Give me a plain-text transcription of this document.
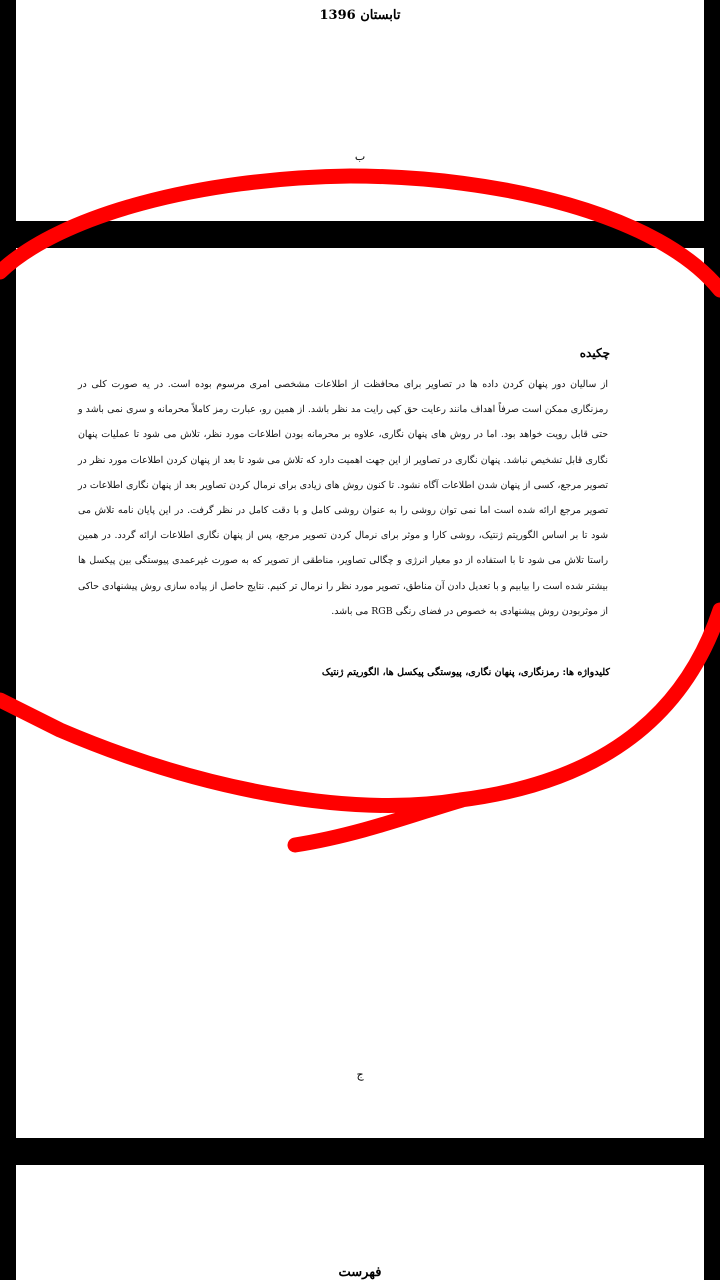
تابستان 1396
ب
چکیده
از سالیان دور پنهان کردن داده ها در تصاویر برای محافظت از اطلاعات مشخصی امری مرسوم بوده است. در یه صورت کلی در رمزنگاری ممکن است صرفاً اهداف مانند رعایت حق کپی رایت مد نظر باشد. از همین رو، عبارت رمز کاملاً محرمانه و سری نمی باشد و حتی قابل رویت خواهد بود. اما در روش های پنهان نگاری، علاوه بر محرمانه بودن اطلاعات مورد نظر، تلاش می شود تا عملیات پنهان نگاری قابل تشخیص نباشد. پنهان نگاری در تصاویر از این جهت اهمیت دارد که تلاش می شود تا بعد از پنهان کردن اطلاعات مورد نظر در تصویر مرجع، کسی از پنهان شدن اطلاعات آگاه نشود. تا کنون روش های زیادی برای نرمال کردن تصاویر بعد از پنهان نگاری اطلاعات در تصویر مرجع ارائه شده است اما نمی توان روشی را به عنوان روشی کامل و با دقت کامل در نظر گرفت. در این پایان نامه تلاش می شود تا بر اساس الگوریتم ژنتیک، روشی کارا و موثر برای نرمال کردن تصویر مرجع، پس از پنهان نگاری اطلاعات ارائه گردد. در همین راستا تلاش می شود تا با استفاده از دو معیار انرژی و چگالی تصاویر، مناطقی از تصویر که به صورت غیرعمدی پیوستگی بین پیکسل ها بیشتر شده است را بیابیم و با تعدیل دادن آن مناطق، تصویر مورد نظر را نرمال تر کنیم. نتایج حاصل از پیاده سازی روش پیشنهادی حاکی از موثربودن روش پیشنهادی به خصوص در فضای رنگی RGB می باشد.
کلیدواژه ها: رمزنگاری، پنهان نگاری، پیوستگی پیکسل ها، الگوریتم ژنتیک
ج
فهرست
